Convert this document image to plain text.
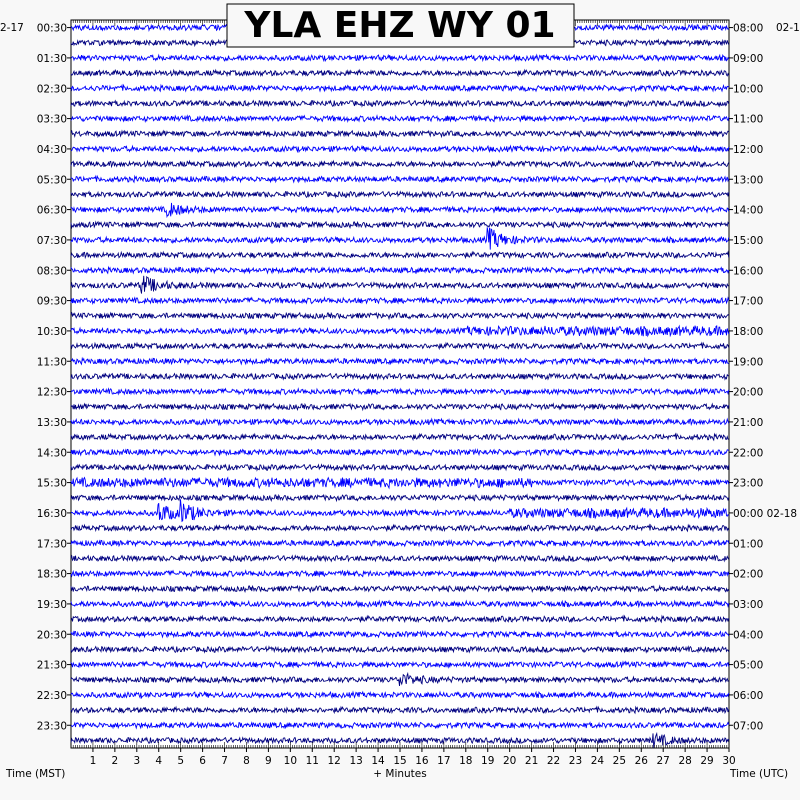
1 2 3 4 5 6 7 8 9 10 11 12 13 14 15 16 17 18 19 20 21 22 23 24 25 26 27 28 29 30
00:30
01:30
02:30
03:30
04:30
05:30
06:30
07:30
08:30
09:30
10:30
11:30
12:30
13:30
14:30
15:30
16:30
17:30
18:30
19:30
20:30
21:30
22:30
23:30
08:00
09:00
10:00
11:00
12:00
13:00
14:00
15:00
16:00
17:00
18:00
19:00
20:00
21:00
22:00
23:00
00:00 02-18
01:00
02:00
03:00
04:00
05:00
06:00
07:00
YLA EHZ WY 01
2-17	02-1
Time (MST)	+ Minutes	Time (UTC)
